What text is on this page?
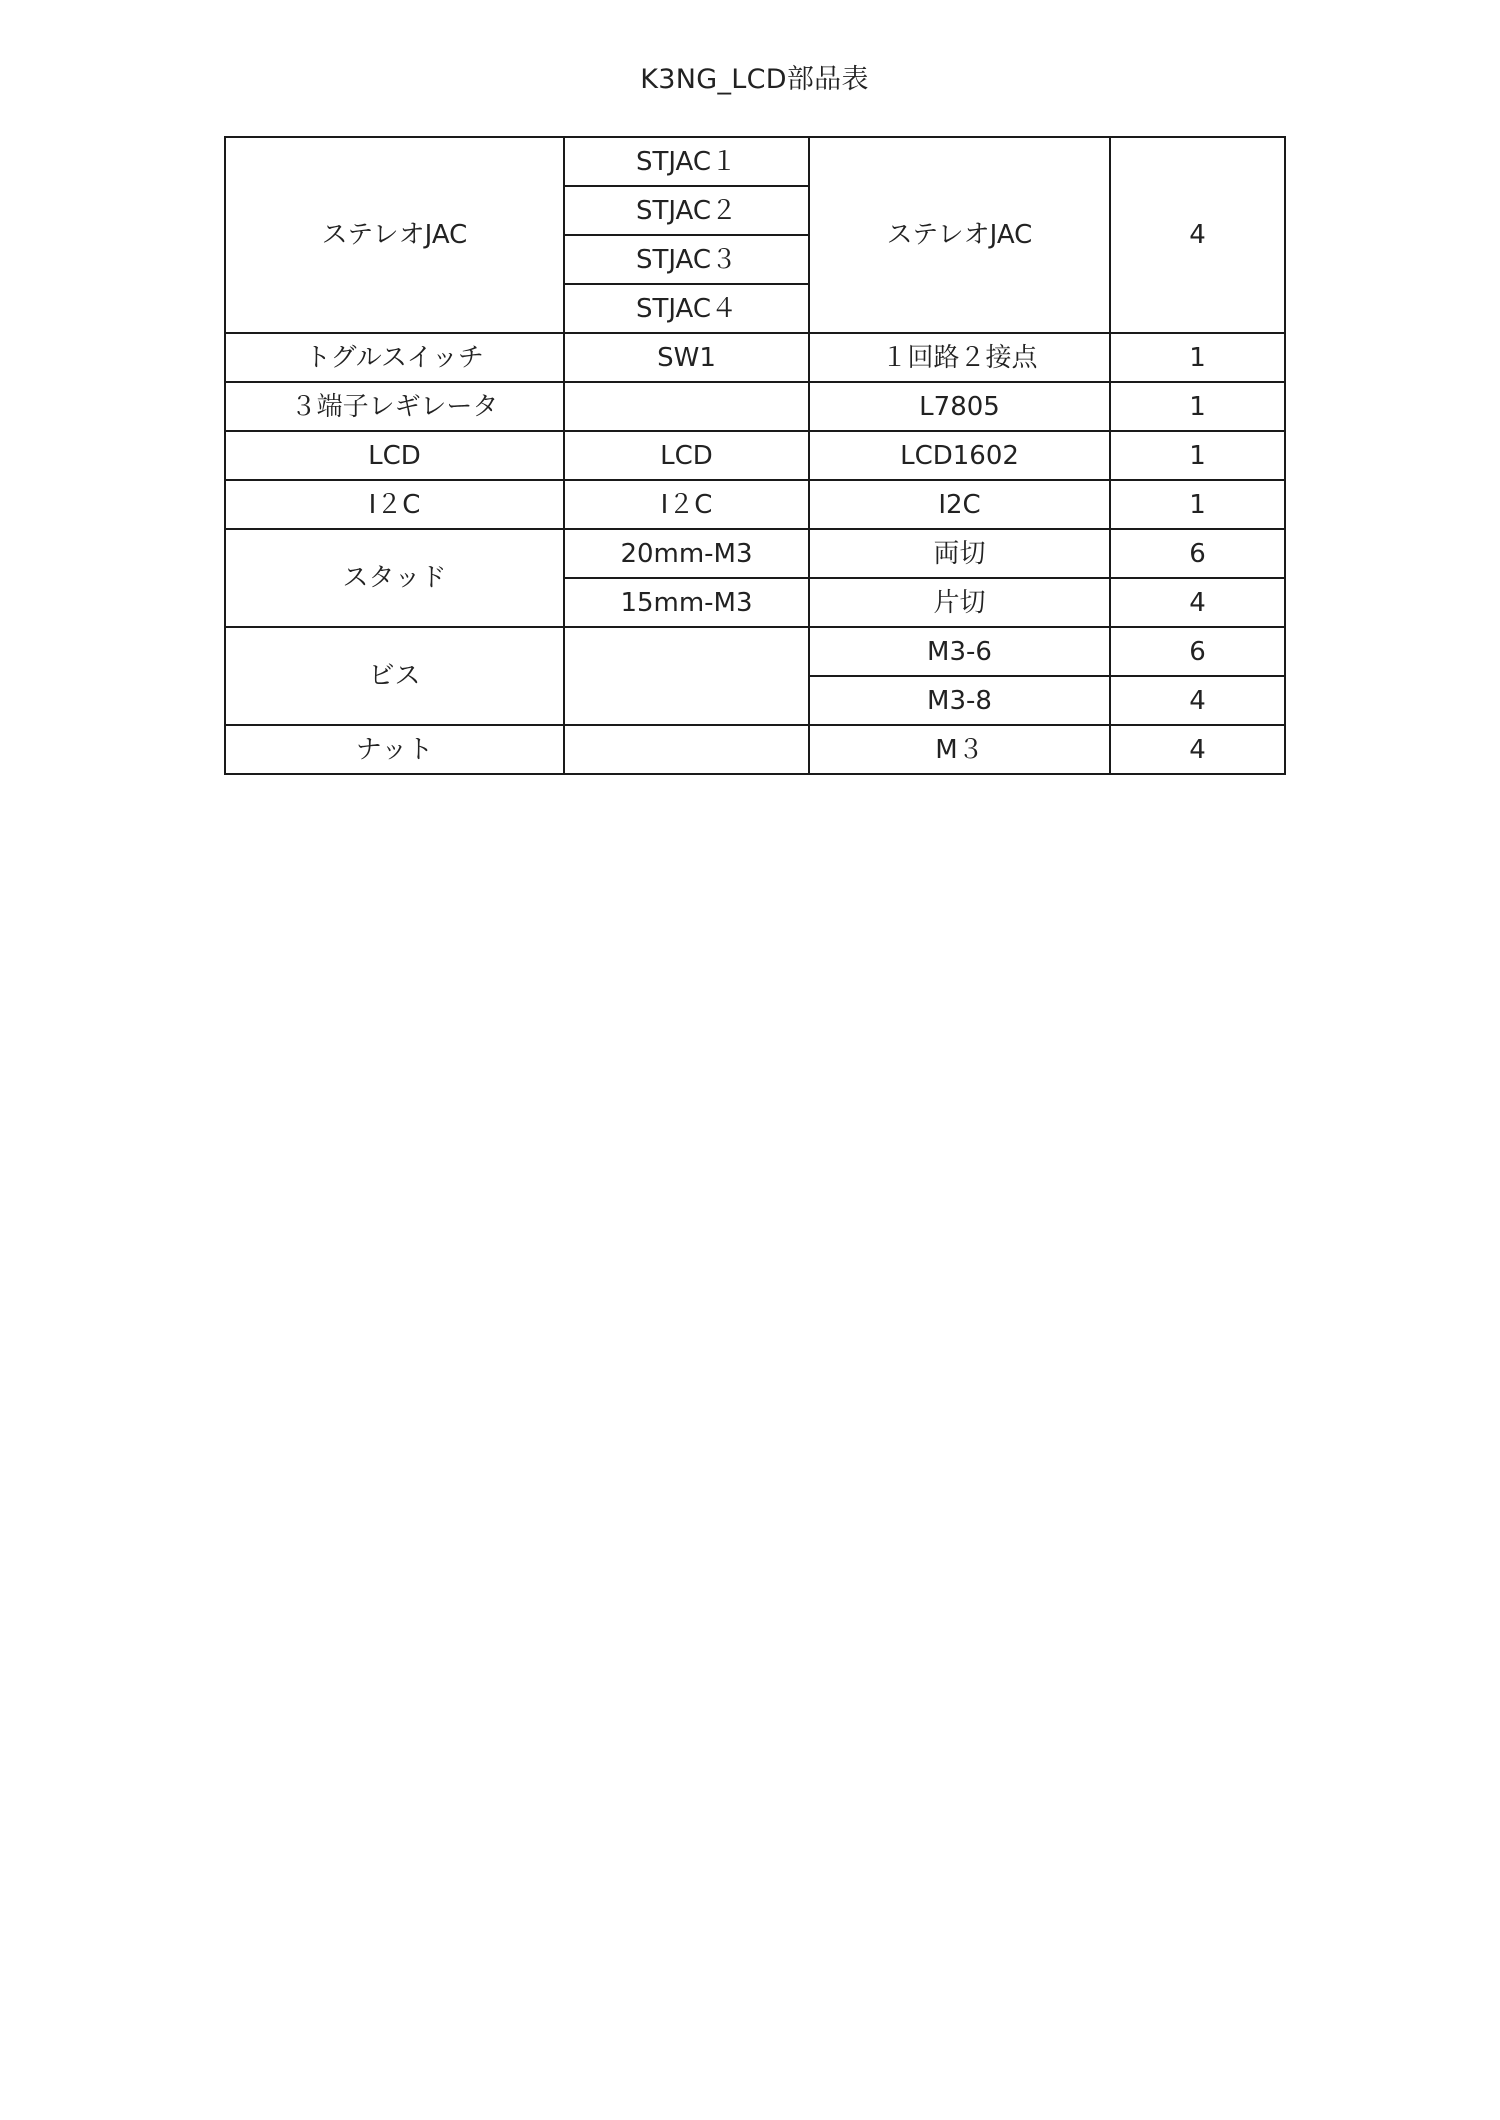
K3NG_LCD部品表
ステレオJAC	STJAC１	ステレオJAC	4
	STJAC２		
	STJAC３		
	STJAC４		
トグルスイッチ	SW1	１回路２接点	1
３端子レギレータ		L7805	1
LCD	LCD	LCD1602	1
I２C	I２C	I2C	1
スタッド	20mm-M3	両切	6
	15mm-M3	片切	4
ビス		M3-6	6
		M3-8	4
ナット		M３	4
